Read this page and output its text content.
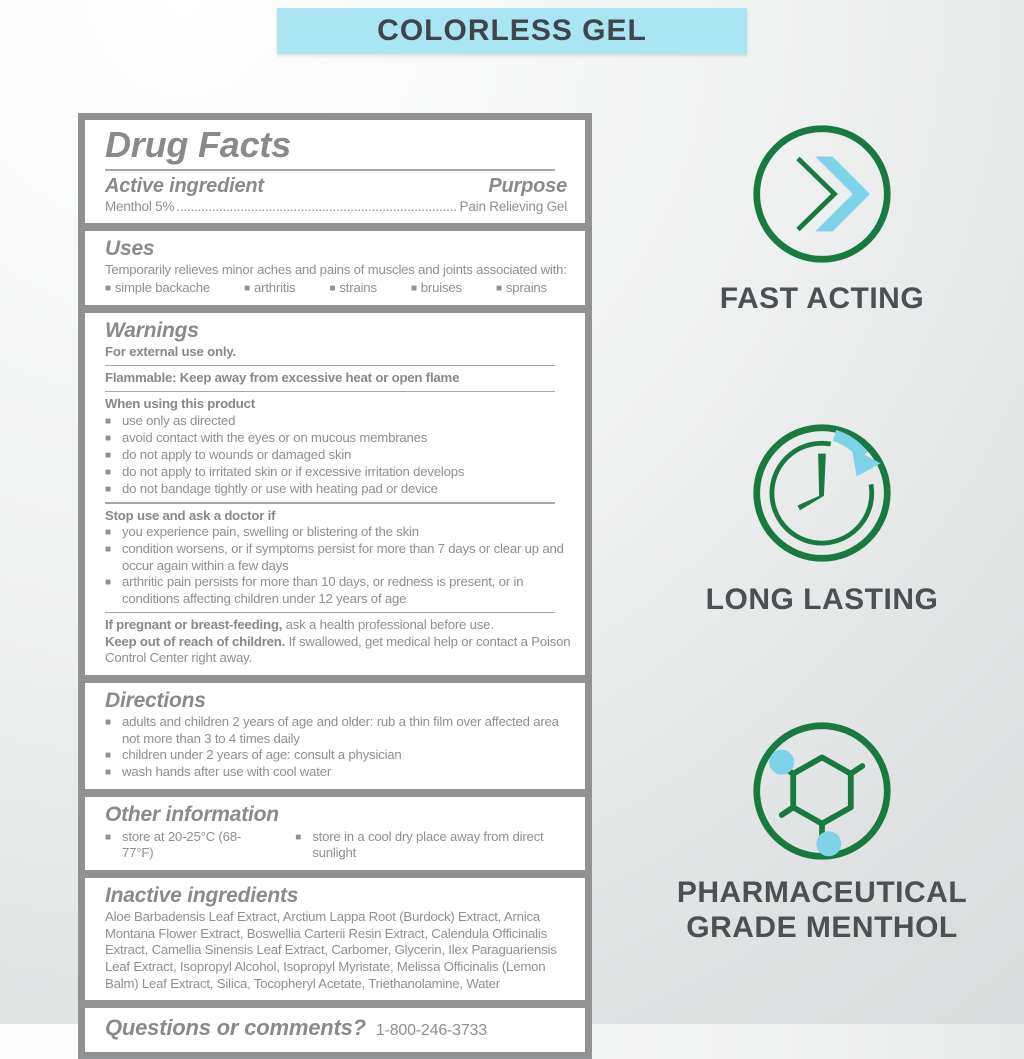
COLORLESS GEL
Drug Facts
Active ingredient	Purpose
Menthol 5% .....	Pain Relieving Gel
Uses
Temporarily relieves minor aches and pains of muscles and joints associated with:
■
simple backache ■	arthritis ■	strains ■	bruises ■	sprains
Warnings
For external use only.
Flammable: Keep away from excessive heat or open flame
When using this product
■
use only as directed
■
avoid contact with the eyes or on mucous membranes
■
do not apply to wounds or damaged skin
■
do not apply to irritated skin or if excessive irritation develops
■
do not bandage tightly or use with heating pad or device
Stop use and ask a doctor if
■
you experience pain, swelling or blistering of the skin
■
condition worsens, or if symptoms persist for more than 7 days or clear up and occur again within a few days
■
arthritic pain persists for more than 10 days, or redness is present, or in conditions affecting children under 12 years of age
If pregnant or breast-feeding, ask a health professional before use.
Keep out of reach of children. If swallowed, get medical help or contact a Poison Control Center right away.
Directions
■
adults and children 2 years of age and older: rub a thin film over affected area not more than 3 to 4 times daily
■
children under 2 years of age: consult a physician
■
wash hands after use with cool water
Other information
■
store at 20-25°C (68-77°F)
■
store in a cool dry place away from direct sunlight
Inactive ingredients
Aloe Barbadensis Leaf Extract, Arctium Lappa Root (Burdock) Extract, Arnica Montana Flower Extract, Boswellia Carterii Resin Extract, Calendula Officinalis Extract, Camellia Sinensis Leaf Extract, Carbomer, Glycerin, Ilex Paraguariensis Leaf Extract, Isopropyl Alcohol, Isopropyl Myristate, Melissa Officinalis (Lemon Balm) Leaf Extract, Silica, Tocopheryl Acetate, Triethanolamine, Water
Questions or comments? 1-800-246-3733
FAST ACTING
LONG LASTING
PHARMACEUTICAL
GRADE MENTHOL
